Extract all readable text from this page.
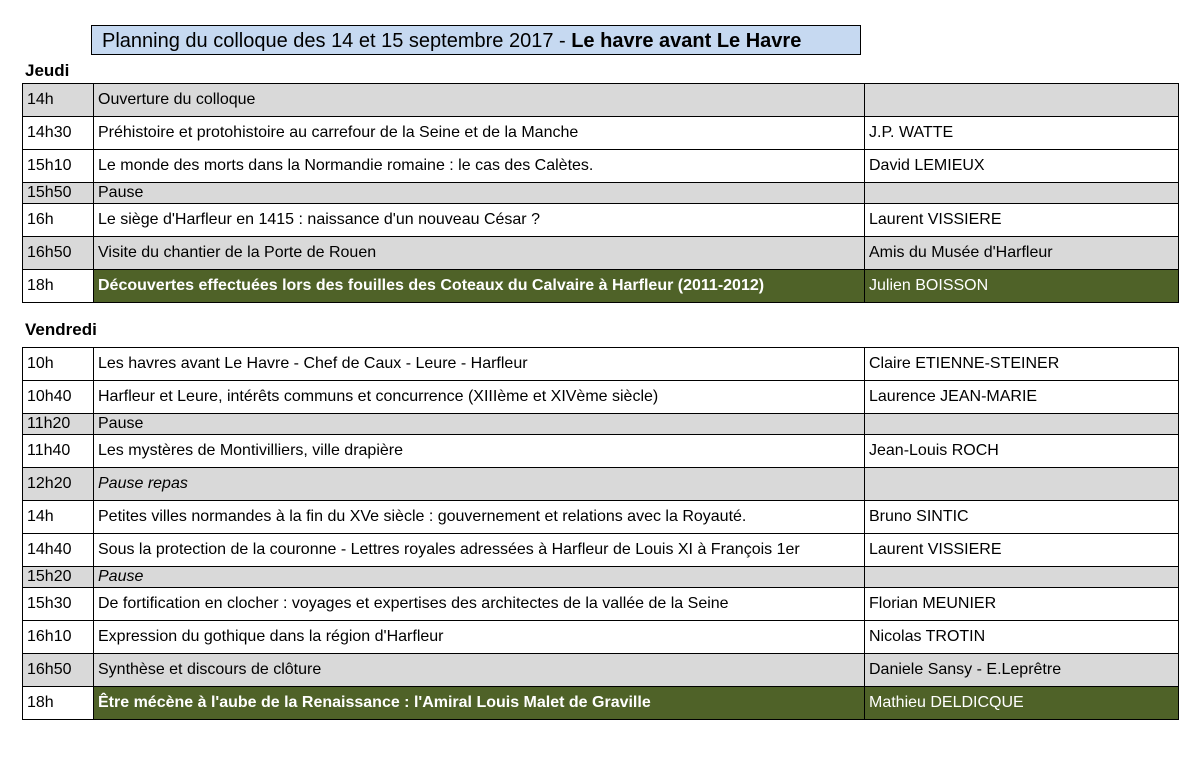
Planning du colloque des 14 et 15 septembre 2017 - Le havre avant Le Havre
Jeudi
14h	Ouverture du colloque	
14h30	Préhistoire et protohistoire au carrefour de la Seine et de la Manche	J.P. WATTE
15h10	Le monde des morts dans la Normandie romaine : le cas des Calètes.	David LEMIEUX
15h50	Pause	
16h	Le siège d'Harfleur en 1415 : naissance d'un nouveau César ?	Laurent VISSIERE
16h50	Visite du chantier de la Porte de Rouen	Amis du Musée d'Harfleur
18h	Découvertes effectuées lors des fouilles des Coteaux du Calvaire à Harfleur (2011-2012)	Julien BOISSON
Vendredi
10h	Les havres avant Le Havre - Chef de Caux - Leure - Harfleur	Claire ETIENNE-STEINER
10h40	Harfleur et Leure, intérêts communs et concurrence (XIIIème et XIVème siècle)	Laurence JEAN-MARIE
11h20	Pause	
11h40	Les mystères de Montivilliers, ville drapière	Jean-Louis ROCH
12h20	Pause repas	
14h	Petites villes normandes à la fin du XVe siècle : gouvernement et relations avec la Royauté.	Bruno SINTIC
14h40	Sous la protection de la couronne - Lettres royales adressées à Harfleur de Louis XI à François 1er	Laurent VISSIERE
15h20	Pause	
15h30	De fortification en clocher : voyages et expertises des architectes de la vallée de la Seine	Florian MEUNIER
16h10	Expression du gothique dans la région d'Harfleur	Nicolas TROTIN
16h50	Synthèse et discours de clôture	Daniele Sansy - E.Leprêtre
18h	Être mécène à l'aube de la Renaissance : l'Amiral Louis Malet de Graville	Mathieu DELDICQUE
